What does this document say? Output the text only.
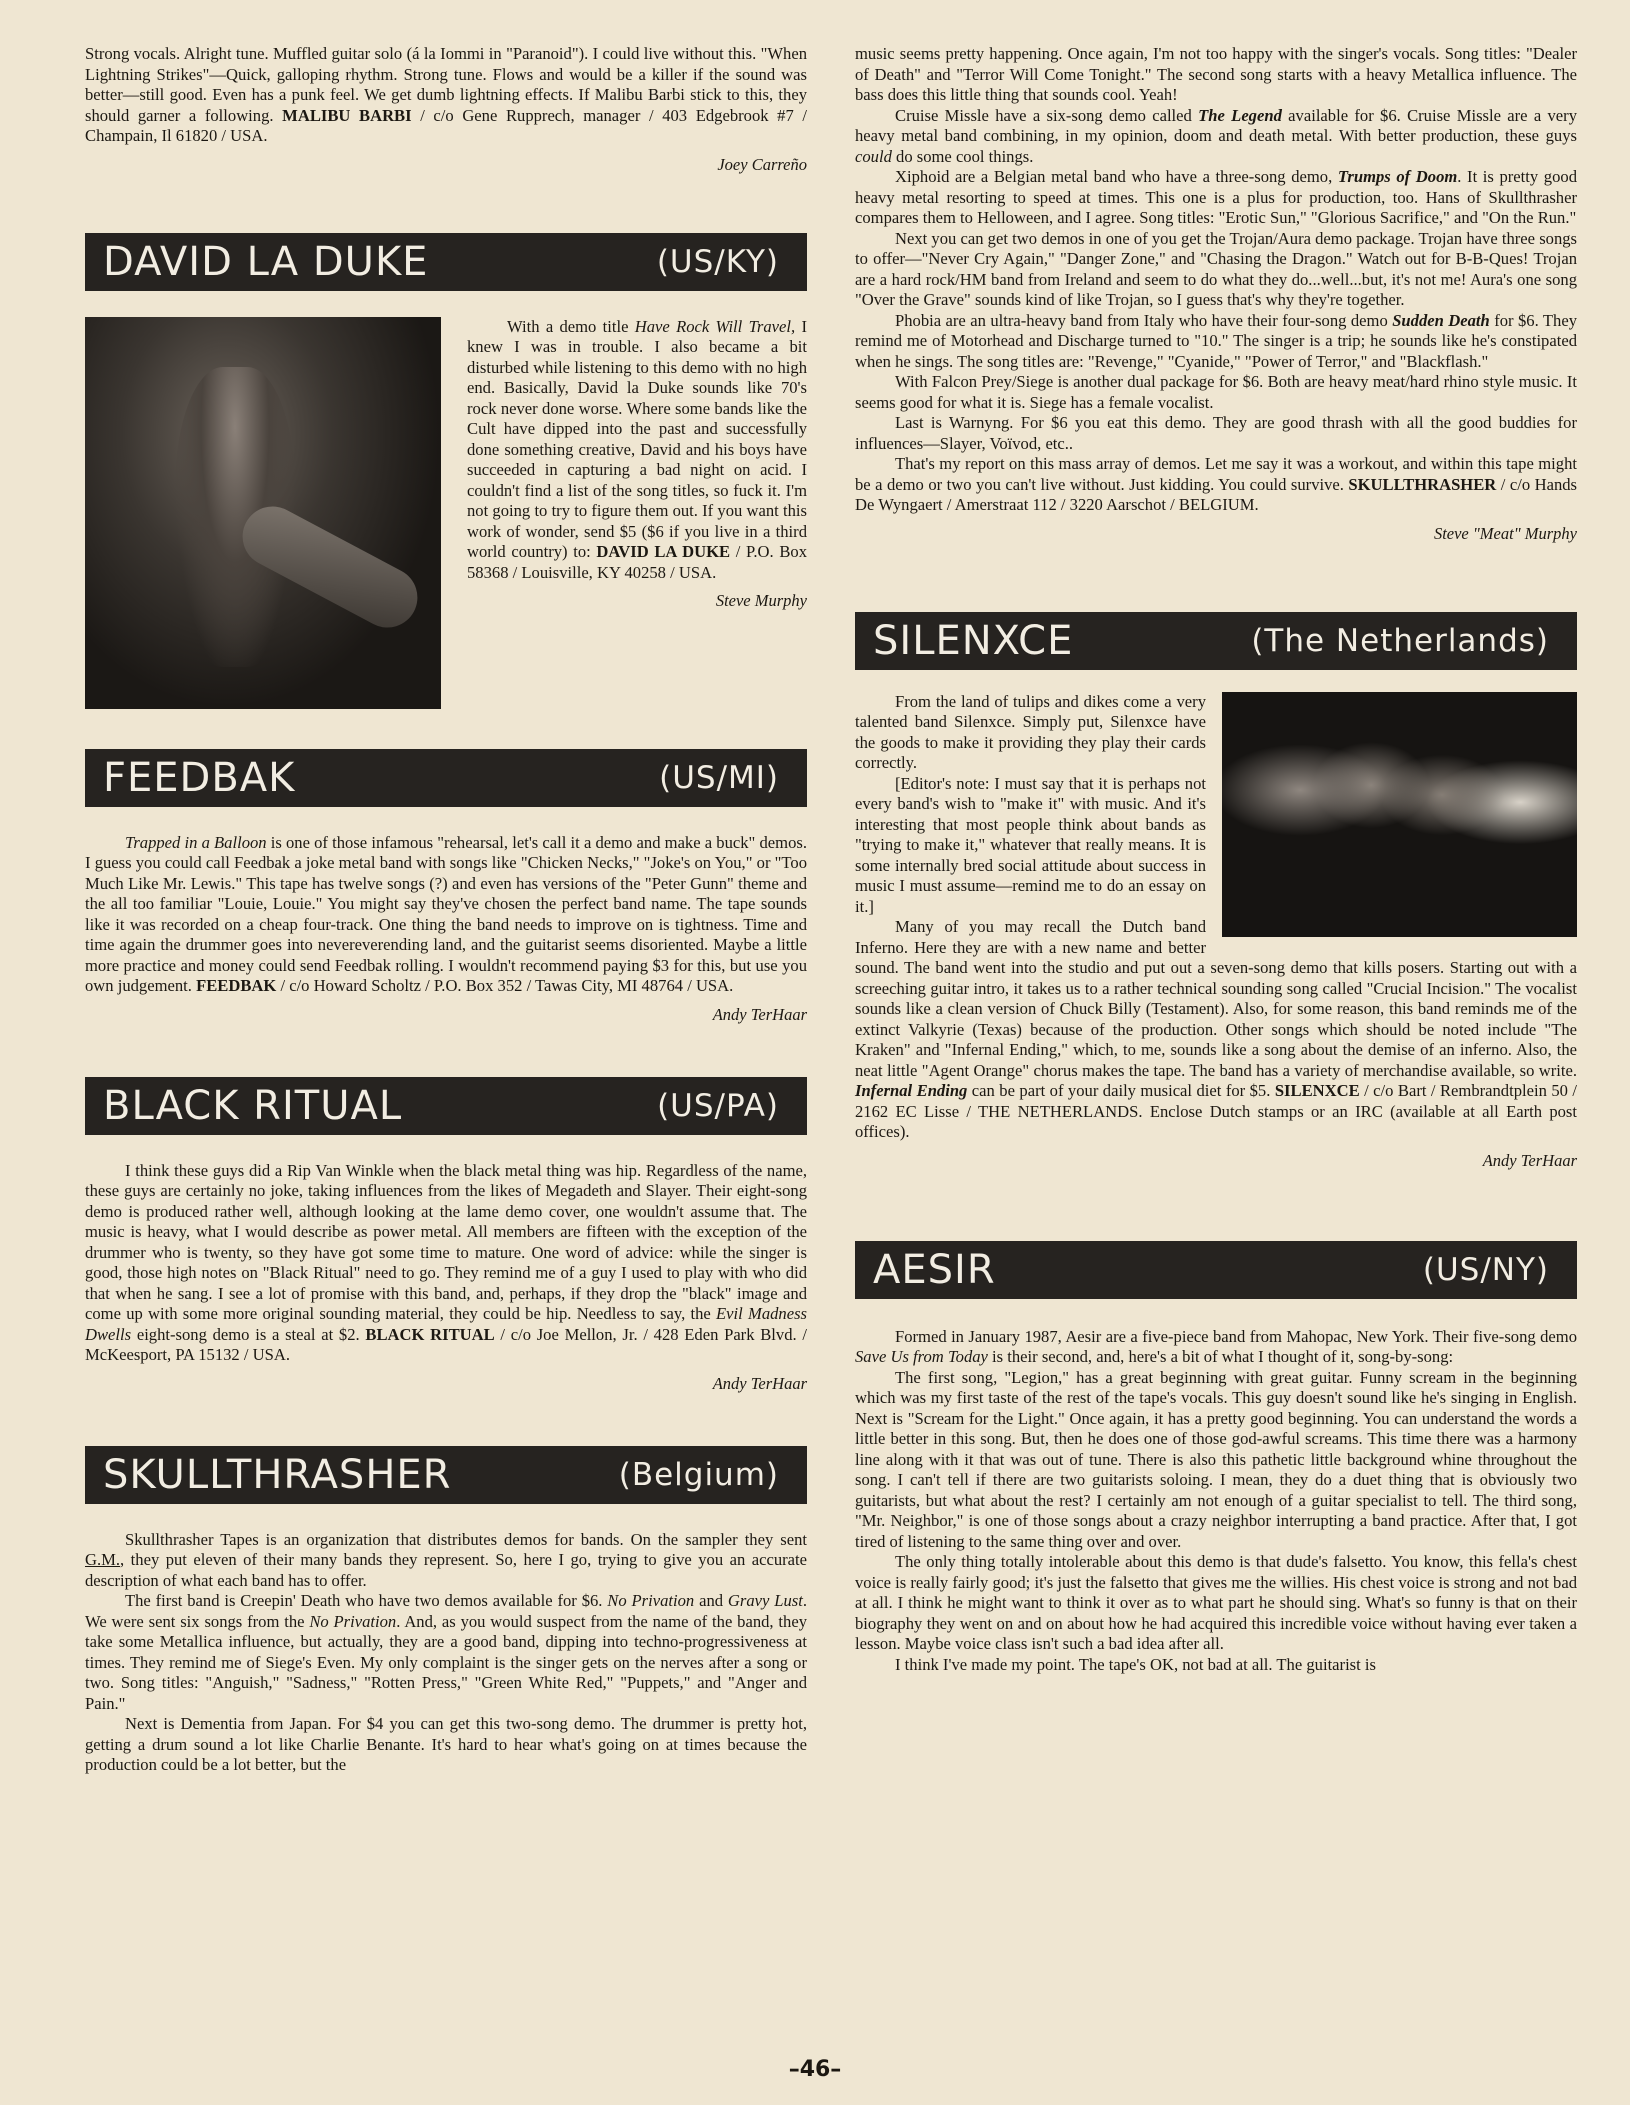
Strong vocals. Alright tune. Muffled guitar solo (á la Iommi in "Paranoid"). I could live without this. "When Lightning Strikes"—Quick, galloping rhythm. Strong tune. Flows and would be a killer if the sound was better—still good. Even has a punk feel. We get dumb lightning effects. If Malibu Barbi stick to this, they should garner a following. MALIBU BARBI / c/o Gene Rupprech, manager / 403 Edgebrook #7 / Champain, Il 61820 / USA.

Joey Carreño
DAVID LA DUKE	(US/KY)

With a demo title Have Rock Will Travel, I knew I was in trouble. I also became a bit disturbed while listening to this demo with no high end. Basically, David la Duke sounds like 70's rock never done worse. Where some bands like the Cult have dipped into the past and successfully done something creative, David and his boys have succeeded in capturing a bad night on acid. I couldn't find a list of the song titles, so fuck it. I'm not going to try to figure them out. If you want this work of wonder, send $5 ($6 if you live in a third world country) to: DAVID LA DUKE / P.O. Box 58368 / Louisville, KY 40258 / USA.

Steve Murphy
FEEDBAK	(US/MI)

Trapped in a Balloon is one of those infamous "rehearsal, let's call it a demo and make a buck" demos. I guess you could call Feedbak a joke metal band with songs like "Chicken Necks," "Joke's on You," or "Too Much Like Mr. Lewis." This tape has twelve songs (?) and even has versions of the "Peter Gunn" theme and the all too familiar "Louie, Louie." You might say they've chosen the perfect band name. The tape sounds like it was recorded on a cheap four-track. One thing the band needs to improve on is tightness. Time and time again the drummer goes into nevereverending land, and the guitarist seems disoriented. Maybe a little more practice and money could send Feedbak rolling. I wouldn't recommend paying $3 for this, but use you own judgement. FEEDBAK / c/o Howard Scholtz / P.O. Box 352 / Tawas City, MI 48764 / USA.

Andy TerHaar
BLACK RITUAL	(US/PA)

I think these guys did a Rip Van Winkle when the black metal thing was hip. Regardless of the name, these guys are certainly no joke, taking influences from the likes of Megadeth and Slayer. Their eight-song demo is produced rather well, although looking at the lame demo cover, one wouldn't assume that. The music is heavy, what I would describe as power metal. All members are fifteen with the exception of the drummer who is twenty, so they have got some time to mature. One word of advice: while the singer is good, those high notes on "Black Ritual" need to go. They remind me of a guy I used to play with who did that when he sang. I see a lot of promise with this band, and, perhaps, if they drop the "black" image and come up with some more original sounding material, they could be hip. Needless to say, the Evil Madness Dwells eight-song demo is a steal at $2. BLACK RITUAL / c/o Joe Mellon, Jr. / 428 Eden Park Blvd. / McKeesport, PA 15132 / USA.

Andy TerHaar
SKULLTHRASHER	(Belgium)

Skullthrasher Tapes is an organization that distributes demos for bands. On the sampler they sent G.M., they put eleven of their many bands they represent. So, here I go, trying to give you an accurate description of what each band has to offer.

The first band is Creepin' Death who have two demos available for $6. No Privation and Gravy Lust. We were sent six songs from the No Privation. And, as you would suspect from the name of the band, they take some Metallica influence, but actually, they are a good band, dipping into techno-progressiveness at times. They remind me of Siege's Even. My only complaint is the singer gets on the nerves after a song or two. Song titles: "Anguish," "Sadness," "Rotten Press," "Green White Red," "Puppets," and "Anger and Pain."

Next is Dementia from Japan. For $4 you can get this two-song demo. The drummer is pretty hot, getting a drum sound a lot like Charlie Benante. It's hard to hear what's going on at times because the production could be a lot better, but the

music seems pretty happening. Once again, I'm not too happy with the singer's vocals. Song titles: "Dealer of Death" and "Terror Will Come Tonight." The second song starts with a heavy Metallica influence. The bass does this little thing that sounds cool. Yeah!

Cruise Missle have a six-song demo called The Legend available for $6. Cruise Missle are a very heavy metal band combining, in my opinion, doom and death metal. With better production, these guys could do some cool things.

Xiphoid are a Belgian metal band who have a three-song demo, Trumps of Doom. It is pretty good heavy metal resorting to speed at times. This one is a plus for production, too. Hans of Skullthrasher compares them to Helloween, and I agree. Song titles: "Erotic Sun," "Glorious Sacrifice," and "On the Run."

Next you can get two demos in one of you get the Trojan/Aura demo package. Trojan have three songs to offer—"Never Cry Again," "Danger Zone," and "Chasing the Dragon." Watch out for B-B-Ques! Trojan are a hard rock/HM band from Ireland and seem to do what they do...well...but, it's not me! Aura's one song "Over the Grave" sounds kind of like Trojan, so I guess that's why they're together.

Phobia are an ultra-heavy band from Italy who have their four-song demo Sudden Death for $6. They remind me of Motorhead and Discharge turned to "10." The singer is a trip; he sounds like he's constipated when he sings. The song titles are: "Revenge," "Cyanide," "Power of Terror," and "Blackflash."

With Falcon Prey/Siege is another dual package for $6. Both are heavy meat/hard rhino style music. It seems good for what it is. Siege has a female vocalist.

Last is Warnyng. For $6 you eat this demo. They are good thrash with all the good buddies for influences—Slayer, Voïvod, etc..

That's my report on this mass array of demos. Let me say it was a workout, and within this tape might be a demo or two you can't live without. Just kidding. You could survive. SKULLTHRASHER / c/o Hands De Wyngaert / Amerstraat 112 / 3220 Aarschot / BELGIUM.

Steve "Meat" Murphy
SILENXCE	(The Netherlands)

From the land of tulips and dikes come a very talented band Silenxce. Simply put, Silenxce have the goods to make it providing they play their cards correctly.

[Editor's note: I must say that it is perhaps not every band's wish to "make it" with music. And it's interesting that most people think about bands as "trying to make it," whatever that really means. It is some internally bred social attitude about success in music I must assume—remind me to do an essay on it.]

Many of you may recall the Dutch band Inferno. Here they are with a new name and better sound. The band went into the studio and put out a seven-song demo that kills posers. Starting out with a screeching guitar intro, it takes us to a rather technical sounding song called "Crucial Incision." The vocalist sounds like a clean version of Chuck Billy (Testament). Also, for some reason, this band reminds me of the extinct Valkyrie (Texas) because of the production. Other songs which should be noted include "The Kraken" and "Infernal Ending," which, to me, sounds like a song about the demise of an inferno. Also, the neat little "Agent Orange" chorus makes the tape. The band has a variety of merchandise available, so write. Infernal Ending can be part of your daily musical diet for $5. SILENXCE / c/o Bart / Rembrandtplein 50 / 2162 EC Lisse / THE NETHERLANDS. Enclose Dutch stamps or an IRC (available at all Earth post offices).

Andy TerHaar
AESIR	(US/NY)

Formed in January 1987, Aesir are a five-piece band from Mahopac, New York. Their five-song demo Save Us from Today is their second, and, here's a bit of what I thought of it, song-by-song:

The first song, "Legion," has a great beginning with great guitar. Funny scream in the beginning which was my first taste of the rest of the tape's vocals. This guy doesn't sound like he's singing in English. Next is "Scream for the Light." Once again, it has a pretty good beginning. You can understand the words a little better in this song. But, then he does one of those god-awful screams. This time there was a harmony line along with it that was out of tune. There is also this pathetic little background whine throughout the song. I can't tell if there are two guitarists soloing. I mean, they do a duet thing that is obviously two guitarists, but what about the rest? I certainly am not enough of a guitar specialist to tell. The third song, "Mr. Neighbor," is one of those songs about a crazy neighbor interrupting a band practice. After that, I got tired of listening to the same thing over and over.

The only thing totally intolerable about this demo is that dude's falsetto. You know, this fella's chest voice is really fairly good; it's just the falsetto that gives me the willies. His chest voice is strong and not bad at all. I think he might want to think it over as to what part he should sing. What's so funny is that on their biography they went on and on about how he had acquired this incredible voice without having ever taken a lesson. Maybe voice class isn't such a bad idea after all.

I think I've made my point. The tape's OK, not bad at all. The guitarist is

–46–
